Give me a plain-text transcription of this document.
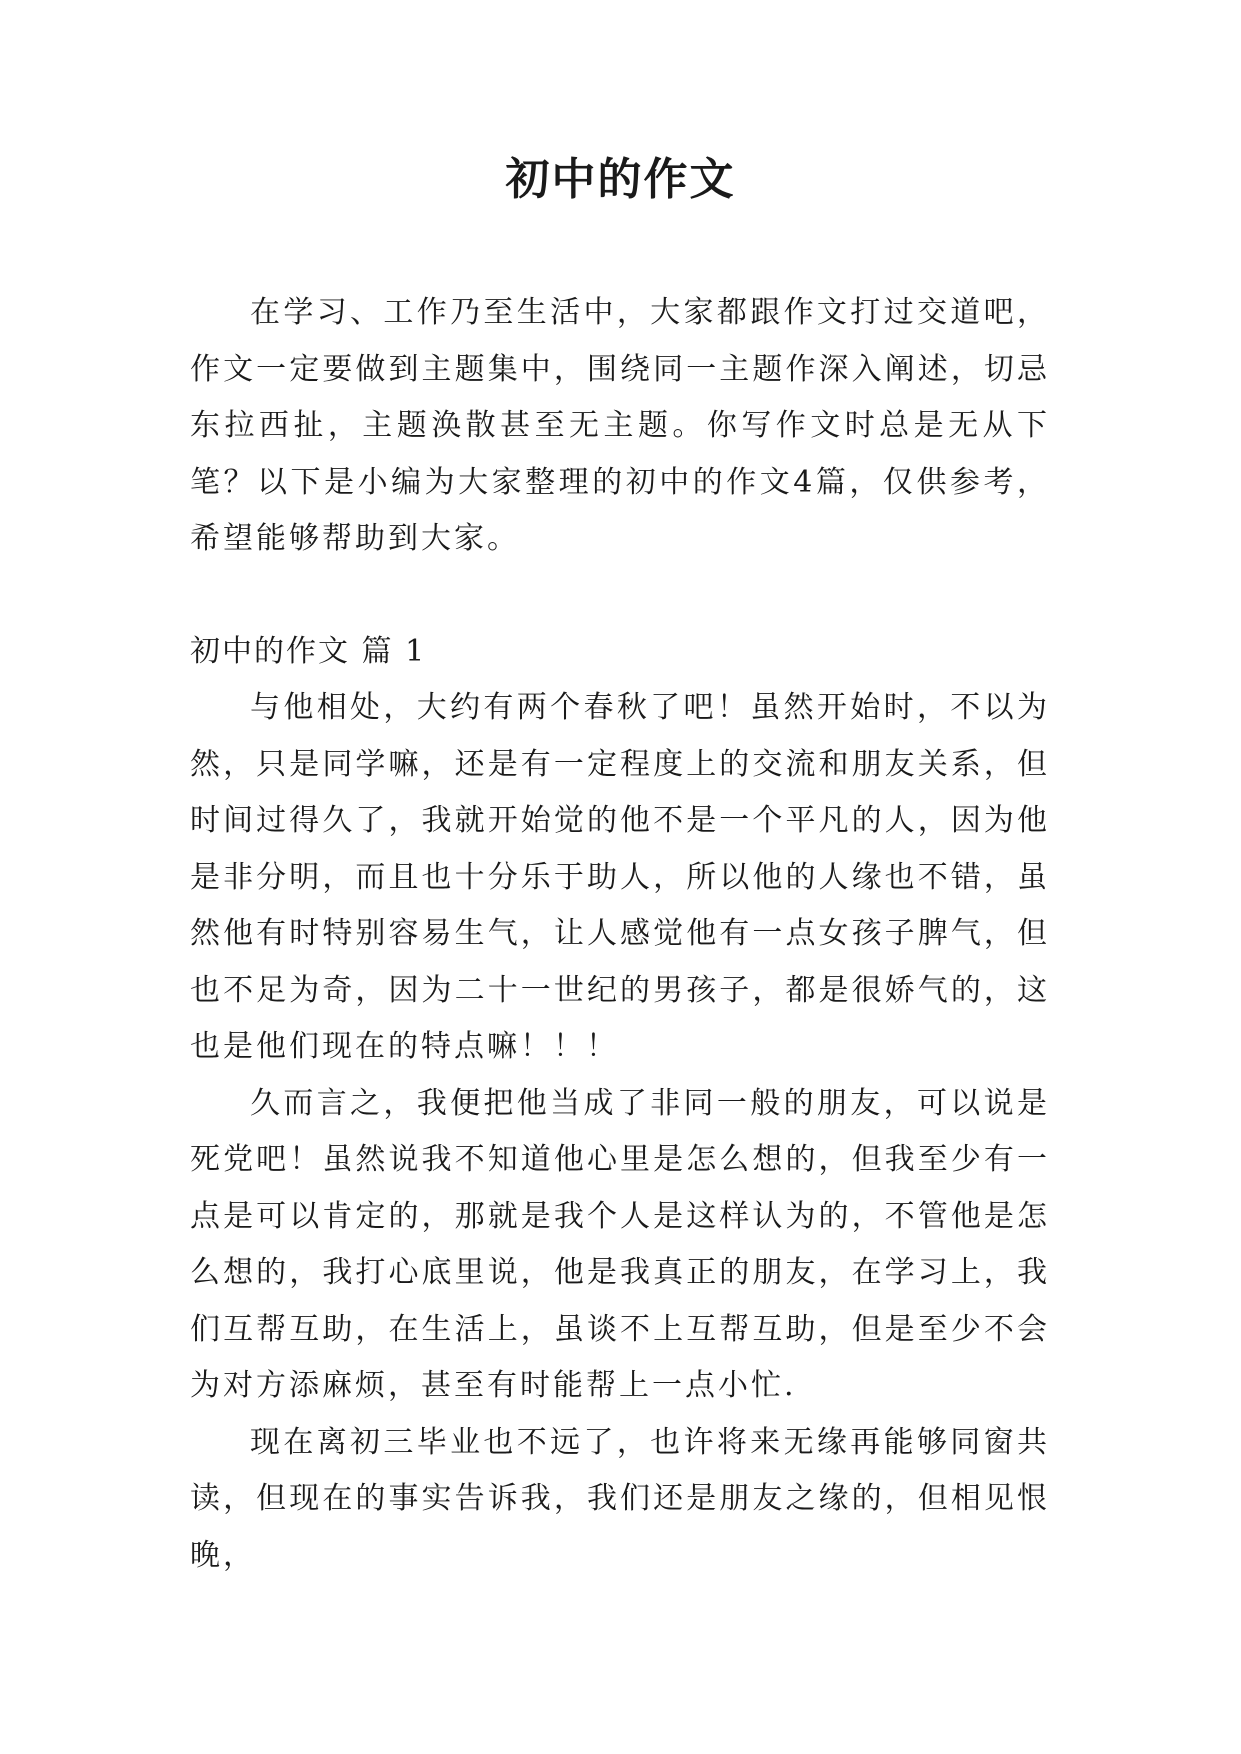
初中的作文

在学习、工作乃至生活中，大家都跟作文打过交道吧，作文一定要做到主题集中，围绕同一主题作深入阐述，切忌东拉西扯，主题涣散甚至无主题。你写作文时总是无从下笔？以下是小编为大家整理的初中的作文4篇，仅供参考，希望能够帮助到大家。

初中的作文 篇 1

与他相处，大约有两个春秋了吧！虽然开始时，不以为然，只是同学嘛，还是有一定程度上的交流和朋友关系，但时间过得久了，我就开始觉的他不是一个平凡的人，因为他是非分明，而且也十分乐于助人，所以他的人缘也不错，虽然他有时特别容易生气，让人感觉他有一点女孩子脾气，但也不足为奇，因为二十一世纪的男孩子，都是很娇气的，这也是他们现在的特点嘛！！！

久而言之，我便把他当成了非同一般的朋友，可以说是死党吧！虽然说我不知道他心里是怎么想的，但我至少有一点是可以肯定的，那就是我个人是这样认为的，不管他是怎么想的，我打心底里说，他是我真正的朋友，在学习上，我们互帮互助，在生活上，虽谈不上互帮互助，但是至少不会为对方添麻烦，甚至有时能帮上一点小忙.

现在离初三毕业也不远了，也许将来无缘再能够同窗共读，但现在的事实告诉我，我们还是朋友之缘的，但相见恨晚，
